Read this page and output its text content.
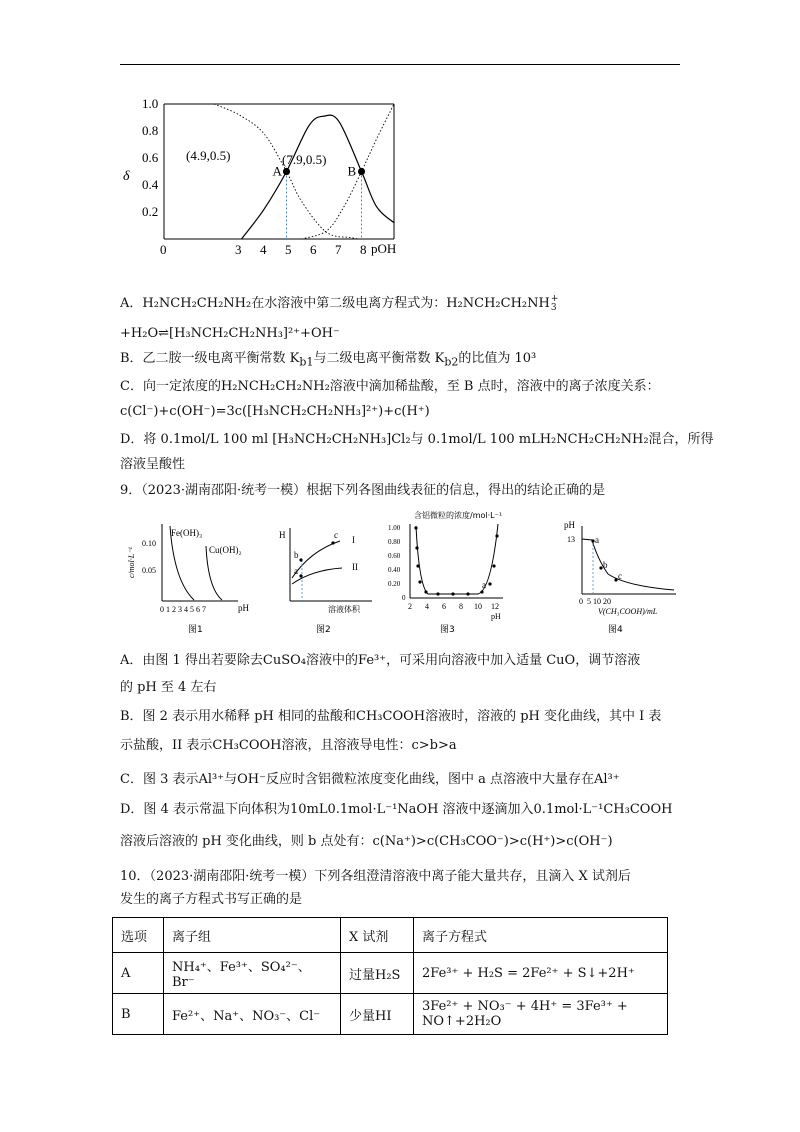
0.2
0.4
0.6
0.8
1.0
0	3 4 5 6 7 8
A	B
δ
pOH
(4.9,0.5)	(7.9,0.5)
A．H₂NCH₂CH₂NH₂在水溶液中第二级电离方程式为：H₂NCH₂CH₂NH +
3
+H₂O⇌[H₃NCH₂CH₂NH₃]²⁺+OH⁻
B．乙二胺一级电离平衡常数 $K_{b1}$与二级电离平衡常数 $K_{b2}$的比值为 10³
C．向一定浓度的H₂NCH₂CH₂NH₂溶液中滴加稀盐酸，至 B 点时，溶液中的离子浓度关系：
c(Cl⁻)+c(OH⁻)=3c([H₃NCH₂CH₂NH₃]²⁺)+c(H⁺)
D．将 0.1mol/L 100 ml [H₃NCH₂CH₂NH₃]Cl₂与 0.1mol/L 100 mLH₂NCH₂CH₂NH₂混合，所得
溶液呈酸性
9．（2023·湖南邵阳·统考一模）根据下列各图曲线表征的信息，得出的结论正确的是
Fe(OH)₃
Cu(OH)₂
0.10
0.05
0 1 2 3 4 5 6 7	pH
c/mol·L⁻¹
图1
H	c
b
a
I
II
溶液体积
图2
a
含铝微粒的浓度/mol·L⁻¹
1.00
0.80
0.60
0.40
0.20
0
2 4 6 8 10 12
pH
图3
pH
13 a
b
c
0  5 10 20
V(CH₃COOH)/mL
图4
A．由图 1 得出若要除去CuSO₄溶液中的Fe³⁺，可采用向溶液中加入适量 CuO，调节溶液
的 pH 至 4 左右
B．图 2 表示用水稀释 pH 相同的盐酸和CH₃COOH溶液时，溶液的 pH 变化曲线，其中 I 表
示盐酸，II 表示CH₃COOH溶液，且溶液导电性：c>b>a
C．图 3 表示Al³⁺与OH⁻反应时含铝微粒浓度变化曲线，图中 a 点溶液中大量存在Al³⁺
D．图 4 表示常温下向体积为10mL0.1mol·L⁻¹NaOH 溶液中逐滴加入0.1mol·L⁻¹CH₃COOH
溶液后溶液的 pH 变化曲线，则 b 点处有：c(Na⁺)>c(CH₃COO⁻)>c(H⁺)>c(OH⁻)
10．（2023·湖南邵阳·统考一模）下列各组澄清溶液中离子能大量共存，且滴入 X 试剂后
发生的离子方程式书写正确的是
选项	离子组	X 试剂	离子方程式
A	NH₄⁺、Fe³⁺、SO₄²⁻、Br⁻	过量H₂S	2Fe³⁺ + H₂S = 2Fe²⁺ + S↓+2H⁺
B	Fe²⁺、Na⁺、NO₃⁻、Cl⁻	少量HI	3Fe²⁺ + NO₃⁻ + 4H⁺ = 3Fe³⁺ + NO↑+2H₂O
